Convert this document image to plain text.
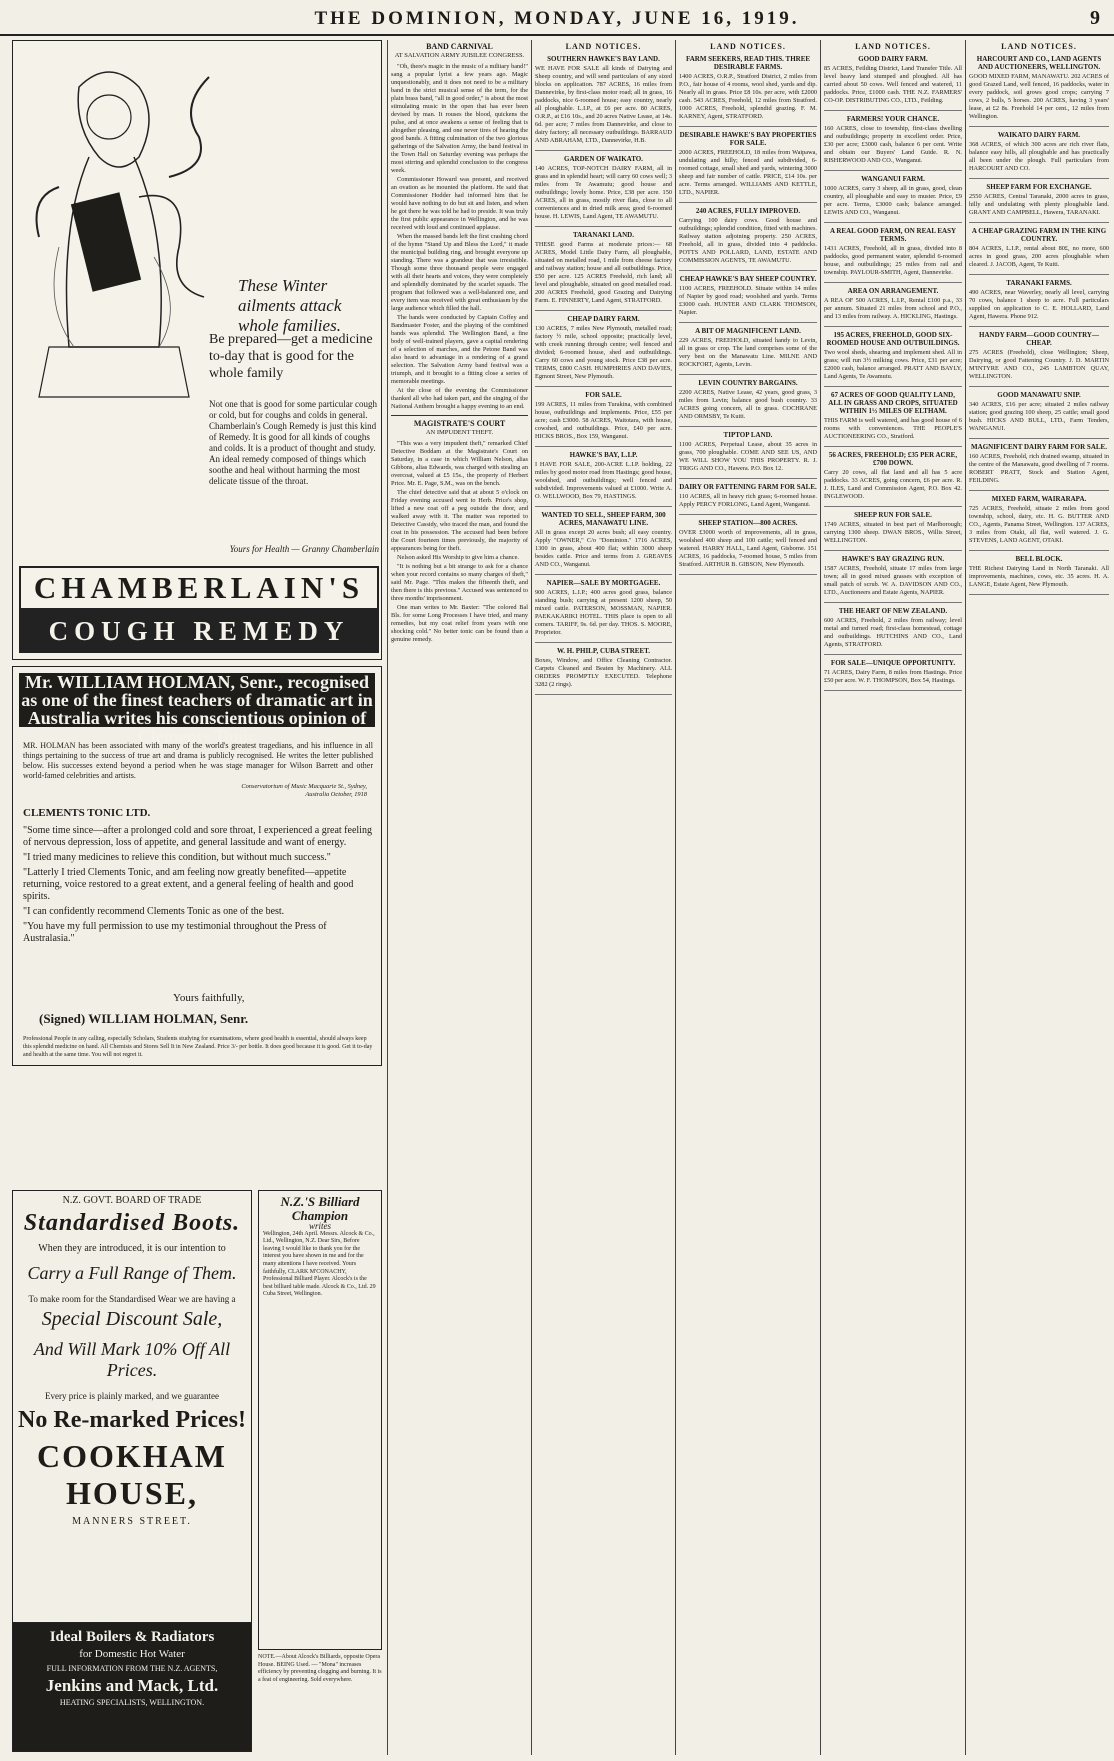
THE DOMINION, MONDAY, JUNE 16, 1919.	9
These Winter ailments attack whole families.
Be prepared—get a medicine to-day that is good for the whole family
Not one that is good for some particular cough or cold, but for coughs and colds in general. Chamberlain's Cough Remedy is just this kind of Remedy. It is good for all kinds of coughs and colds. It is a product of thought and study. An ideal remedy composed of things which soothe and heal without harming the most delicate tissue of the throat.
Yours for Health — Granny Chamberlain
CHAMBERLAIN'S
COUGH REMEDY
Mr. WILLIAM HOLMAN, Senr., recognised as one of the finest teachers of dramatic art in Australia writes his conscientious opinion of Clements Tonic
MR. HOLMAN has been associated with many of the world's greatest tragedians, and his influence in all things pertaining to the success of true art and drama is publicly recognised. He writes the letter published below. His successes extend beyond a period when he was stage manager for Wilson Barrett and other world-famed celebrities and artists.
Conservatorium of Music Macquarie St., Sydney, Australia October, 1918
CLEMENTS TONIC LTD.

"Some time since—after a prolonged cold and sore throat, I experienced a great feeling of nervous depression, loss of appetite, and general lassitude and want of energy.

"I tried many medicines to relieve this condition, but without much success."

"Latterly I tried Clements Tonic, and am feeling now greatly benefited—appetite returning, voice restored to a great extent, and a general feeling of health and good spirits.

"I can confidently recommend Clements Tonic as one of the best.

"You have my full permission to use my testimonial throughout the Press of Australasia."

Yours faithfully,
(Signed) WILLIAM HOLMAN, Senr.
Professional People in any calling, especially Scholars, Students studying for examinations, where good health is essential, should always keep this splendid medicine on hand. All Chemists and Stores Sell It in New Zealand. Price 3/- per bottle. It does good because it is good. Get it to-day and health at the same time. You will not regret it.
N.Z. GOVT. BOARD OF TRADE
Standardised Boots.
When they are introduced, it is our intention to
Carry a Full Range of Them.
To make room for the Standardised Wear we are having a
Special Discount Sale,
And Will Mark 10% Off All Prices.
Every price is plainly marked, and we guarantee
No Re-marked Prices!
COOKHAM HOUSE,
MANNERS STREET.
N.Z.'S Billiard Champion
writes
Wellington, 24th April. Messrs. Alcock & Co., Ltd., Wellington, N.Z. Dear Sirs, Before leaving I would like to thank you for the interest you have shown in me and for the many attentions I have received. Yours faithfully, CLARK M'CONACHY, Professional Billiard Player. Alcock's is the best billiard table made. Alcock & Co., Ltd. 29 Cuba Street, Wellington.
Ideal Boilers & Radiators
for Domestic Hot Water
FULL INFORMATION FROM THE N.Z. AGENTS,
Jenkins and Mack, Ltd.
HEATING SPECIALISTS, WELLINGTON.
NOTE.—About Alcock's Billiards, opposite Opera House. BEING Used. — "Mona" increases efficiency by preventing clogging and burning. It is a feat of engineering. Sold everywhere.
BAND CARNIVAL
AT SALVATION ARMY JUBILEE CONGRESS.

"Oh, there's magic in the music of a military band!" sang a popular lyrist a few years ago. Magic unquestionably, and it does not need to be a military band in the strict musical sense of the term, for the plain brass band, "all in good order," is about the most stimulating music in the open that has ever been devised by man. It rouses the blood, quickens the pulse, and at once awakens a sense of feeling that is altogether pleasing, and one never tires of hearing the good bands. A fitting culmination of the two glorious gatherings of the Salvation Army, the band festival in the Town Hall on Saturday evening was perhaps the most stirring and splendid conclusion to the congress week.

Commissioner Howard was present, and received an ovation as he mounted the platform. He said that Commissioner Hodder had informed him that he would have nothing to do but sit and listen, and when he got there he was told he had to preside. It was truly the first public appearance in Wellington, and he was received with loud and continued applause.

When the massed bands left the first crashing chord of the hymn "Stand Up and Bless the Lord," it made the municipal building ring, and brought everyone up standing. There was a grandeur that was irresistible. Though some three thousand people were engaged with all their hearts and voices, they were completely and splendidly dominated by the scarlet squads. The program that followed was a well-balanced one, and every item was received with great enthusiasm by the large audience which filled the hall.

The bands were conducted by Captain Coffey and Bandmaster Foster, and the playing of the combined bands was splendid. The Wellington Band, a fine body of well-trained players, gave a capital rendering of a selection of marches, and the Petone Band was also heard to advantage in a rendering of a grand selection. The Salvation Army band festival was a triumph, and it brought to a fitting close a series of memorable meetings.

At the close of the evening the Commissioner thanked all who had taken part, and the singing of the National Anthem brought a happy evening to an end.

MAGISTRATE'S COURT
AN IMPUDENT THEFT.

"This was a very impudent theft," remarked Chief Detective Boddam at the Magistrate's Court on Saturday, in a case in which William Nelson, alias Gibbons, alias Edwards, was charged with stealing an overcoat, valued at £5 15s., the property of Herbert Price. Mr. E. Page, S.M., was on the bench.

The chief detective said that at about 5 o'clock on Friday evening accused went to Herb. Price's shop, lifted a new coat off a peg outside the door, and walked away with it. The matter was reported to Detective Cassidy, who traced the man, and found the coat in his possession. The accused had been before the Court fourteen times previously, the majority of appearances being for theft.

Nelson asked His Worship to give him a chance.

"It is nothing but a bit strange to ask for a chance when your record contains so many charges of theft," said Mr. Page. "This makes the fifteenth theft, and then there is this previous." Accused was sentenced to three months' imprisonment.

One man writes to Mr. Baxter: "The colored Bal Bls. for some Long Processes I have tried, and many remedies, but my coat relief from years with one shocking cold." No better tonic can be found than a genuine remedy.

LAND NOTICES.
SOUTHERN HAWKE'S BAY LAND.

WE HAVE FOR SALE all kinds of Dairying and Sheep country, and will send particulars of any sized blocks on application. 787 ACRES, 16 miles from Dannevirke, by first-class motor road; all in grass, 16 paddocks, nice 6-roomed house; easy country, nearly all ploughable. L.I.P., at £6 per acre. 80 ACRES, O.R.P., at £16 10s., and 20 acres Native Lease, at 14s. 6d. per acre; 7 miles from Dannevirke, and close to dairy factory; all necessary outbuildings. BARRAUD AND ABRAHAM, LTD., Dannevirke, H.B.

GARDEN OF WAIKATO.

140 ACRES, TOP-NOTCH DAIRY FARM, all in grass and in splendid heart; will carry 60 cows well; 3 miles from Te Awamutu; good house and outbuildings; lovely home. Price, £38 per acre. 150 ACRES, all in grass, mostly river flats, close to all conveniences and in dried milk area; good 6-roomed house. H. LEWIS, Land Agent, TE AWAMUTU.

TARANAKI LAND.

THESE good Farms at moderate prices:— 68 ACRES, Model Little Dairy Farm, all ploughable, situated on metalled road, 1 mile from cheese factory and railway station; house and all outbuildings. Price, £50 per acre. 125 ACRES Freehold, rich land; all level and ploughable, situated on good metalled road. 200 ACRES Freehold, good Grazing and Dairying Farm. E. FINNERTY, Land Agent, STRATFORD.

CHEAP DAIRY FARM.

130 ACRES, 7 miles New Plymouth, metalled road; factory ½ mile, school opposite; practically level, with creek running through centre; well fenced and divided; 6-roomed house, shed and outbuildings. Carry 60 cows and young stock. Price £38 per acre. TERMS, £800 CASH. HUMPHRIES AND DAVIES, Egmont Street, New Plymouth.

FOR SALE.

199 ACRES, 11 miles from Turakina, with combined house, outbuildings and implements. Price, £55 per acre; cash £3000. 58 ACRES, Waitotara, with house, cowshed, and outbuildings. Price, £40 per acre. HICKS BROS., Box 159, Wanganui.

HAWKE'S BAY, L.I.P.

I HAVE FOR SALE, 200-ACRE L.I.P. holding, 22 miles by good motor road from Hastings; good house, woolshed, and outbuildings; well fenced and subdivided. Improvements valued at £1000. Write A. O. WELLWOOD, Box 79, HASTINGS.

WANTED TO SELL, SHEEP FARM, 300 ACRES, MANAWATU LINE.

All in grass except 20 acres bush; all easy country. Apply "OWNER," C/o "Dominion." 1716 ACRES, 1300 in grass, about 400 flat; within 3000 sheep besides cattle. Price and terms from J. GREAVES AND CO., Wanganui.

NAPIER—SALE BY MORTGAGEE.

900 ACRES, L.I.P.; 400 acres good grass, balance standing bush; carrying at present 1200 sheep, 50 mixed cattle. PATERSON, MOSSMAN, NAPIER. PAEKAKARIKI HOTEL. THIS place is open to all comers. TARIFF, 9s. 6d. per day. THOS. S. MOORE, Proprietor.

W. H. PHILP, CUBA STREET.

Boxes, Window, and Office Cleaning Contractor. Carpets Cleaned and Beaten by Machinery. ALL ORDERS PROMPTLY EXECUTED. Telephone 3282 (2 rings).

LAND NOTICES.
FARM SEEKERS, READ THIS. THREE DESIRABLE FARMS.

1400 ACRES, O.R.P., Stratford District, 2 miles from P.O., fair house of 4 rooms, wool shed, yards and dip. Nearly all in grass. Price £8 10s. per acre, with £2000 cash. 543 ACRES, Freehold, 12 miles from Stratford. 1000 ACRES, Freehold, splendid grazing. F. M. KARNEY, Agent, STRATFORD.

DESIRABLE HAWKE'S BAY PROPERTIES FOR SALE.

2000 ACRES, FREEHOLD, 18 miles from Waipawa, undulating and hilly; fenced and subdivided, 6-roomed cottage, small shed and yards, wintering 3000 sheep and fair number of cattle. PRICE, £14 10s. per acre. Terms arranged. WILLIAMS AND KETTLE, LTD., NAPIER.

240 ACRES, FULLY IMPROVED.

Carrying 100 dairy cows. Good house and outbuildings; splendid condition, fitted with machines. Railway station adjoining property. 250 ACRES, Freehold, all in grass, divided into 4 paddocks. POTTS AND POLLARD, LAND, ESTATE AND COMMISSION AGENTS, TE AWAMUTU.

CHEAP HAWKE'S BAY SHEEP COUNTRY.

1100 ACRES, FREEHOLD. Situate within 14 miles of Napier by good road; woolshed and yards. Terms £3000 cash. HUNTER AND CLARK THOMSON, Napier.

A BIT OF MAGNIFICENT LAND.

229 ACRES, FREEHOLD, situated handy to Levin, all in grass or crop. The land comprises some of the very best on the Manawatu Line. MILNE AND ROCKFORT, Agents, Levin.

LEVIN COUNTRY BARGAINS.

2200 ACRES, Native Lease, 42 years, good grass, 3 miles from Levin; balance good bush country. 33 ACRES going concern, all in grass. COCHRANE AND ORMSBY, Te Kuiti.

TIPTOP LAND.

1100 ACRES, Perpetual Lease, about 35 acres in grass, 700 ploughable. COME AND SEE US, AND WE WILL SHOW YOU THIS PROPERTY. R. J. TRIGG AND CO., Hawera. P.O. Box 12.

DAIRY OR FATTENING FARM FOR SALE.

110 ACRES, all in heavy rich grass; 6-roomed house. Apply PERCY FORLONG, Land Agent, Wanganui.

SHEEP STATION—800 ACRES.

OVER £3000 worth of improvements, all in grass, woolshed 400 sheep and 100 cattle; well fenced and watered. HARRY HALL, Land Agent, Gisborne. 151 ACRES, 16 paddocks, 7-roomed house, 5 miles from Stratford. ARTHUR B. GIBSON, New Plymouth.

LAND NOTICES.
GOOD DAIRY FARM.

85 ACRES, Feilding District, Land Transfer Title. All level heavy land stumped and ploughed. All has carried about 50 cows. Well fenced and watered, 11 paddocks. Price, £1000 cash. THE N.Z. FARMERS' CO-OP. DISTRIBUTING CO., LTD., Feilding.

FARMERS! YOUR CHANCE.

160 ACRES, close to township, first-class dwelling and outbuildings; property in excellent order. Price, £30 per acre; £3000 cash, balance 6 per cent. Write and obtain our Buyers' Land Guide. R. N. RISHERWOOD AND CO., Wanganui.

WANGANUI FARM.

1000 ACRES, carry 3 sheep, all in grass, good, clean country, all ploughable and easy to muster. Price, £9 per acre. Terms, £3000 cash; balance arranged. LEWIS AND CO., Wanganui.

A REAL GOOD FARM, ON REAL EASY TERMS.

1431 ACRES, Freehold, all in grass, divided into 8 paddocks, good permanent water, splendid 6-roomed house, and outbuildings; 25 miles from rail and township. PAYLOUR-SMITH, Agent, Dannevirke.

AREA ON ARRANGEMENT.

A REA OF 500 ACRES, L.I.P., Rental £100 p.a., 33 per annum. Situated 21 miles from school and P.O., and 13 miles from railway. A. HICKLING, Hastings.

195 ACRES, FREEHOLD, GOOD SIX-ROOMED HOUSE AND OUTBUILDINGS.

Two wool sheds, shearing and implement shed. All in grass; will run 3½ milking cows. Price, £31 per acre; £2000 cash, balance arranged. PRATT AND BAYLY, Land Agents, Te Awamutu.

67 ACRES OF GOOD QUALITY LAND, ALL IN GRASS AND CROPS, SITUATED WITHIN 1½ MILES OF ELTHAM.

THIS FARM is well watered, and has good house of 6 rooms with conveniences. THE PEOPLE'S AUCTIONEERING CO., Stratford.

56 ACRES, FREEHOLD; £35 PER ACRE, £700 DOWN.

Carry 20 cows, all flat land and all has 5 acre paddocks. 33 ACRES, going concern, £6 per acre. R. J. ILES, Land and Commission Agent, P.O. Box 42. INGLEWOOD.

SHEEP RUN FOR SALE.

1749 ACRES, situated in best part of Marlborough; carrying 1300 sheep. DWAN BROS., Willis Street, WELLINGTON.

HAWKE'S BAY GRAZING RUN.

1587 ACRES, Freehold, situate 17 miles from large town; all in good mixed grasses with exception of small patch of scrub. W. A. DAVIDSON AND CO., LTD., Auctioneers and Estate Agents, NAPIER.

THE HEART OF NEW ZEALAND.

600 ACRES, Freehold, 2 miles from railway; level metal and turned road; first-class homestead, cottage and outbuildings. HUTCHINS AND CO., Land Agents, STRATFORD.

FOR SALE—UNIQUE OPPORTUNITY.

71 ACRES, Dairy Farm, 8 miles from Hastings. Price £50 per acre. W. F. THOMPSON, Box 54, Hastings.

LAND NOTICES.
HARCOURT AND CO., LAND AGENTS AND AUCTIONEERS, WELLINGTON.

GOOD MIXED FARM, MANAWATU. 202 ACRES of good Grazed Land, well fenced, 16 paddocks, water in every paddock, soil grows good crops; carrying 7 cows, 2 bulls, 5 horses. 200 ACRES, having 3 years' lease, at £2 8s. Freehold 14 per cent., 12 miles from Wellington.

WAIKATO DAIRY FARM.

368 ACRES, of which 300 acres are rich river flats, balance easy hills, all ploughable and has practically all been under the plough. Full particulars from HARCOURT AND CO.

SHEEP FARM FOR EXCHANGE.

2550 ACRES, Central Taranaki, 2000 acres in grass, hilly and undulating with plenty ploughable land. GRANT AND CAMPBELL, Hawera, TARANAKI.

A CHEAP GRAZING FARM IN THE KING COUNTRY.

804 ACRES, L.I.P., rental about 80£, no more, 600 acres in good grass, 200 acres ploughable when cleared. J. JACOB, Agent, Te Kuiti.

TARANAKI FARMS.

490 ACRES, near Waverley, nearly all level, carrying 70 cows, balance 1 sheep to acre. Full particulars supplied on application to C. E. HOLLARD, Land Agent, Hawera. Phone 912.

HANDY FARM—GOOD COUNTRY—CHEAP.

275 ACRES (Freehold), close Wellington; Sheep, Dairying, or good Fattening Country. J. D. MARTIN M'INTYRE AND CO., 245 LAMBTON QUAY, WELLINGTON.

GOOD MANAWATU SNIP.

340 ACRES, £16 per acre; situated 2 miles railway station; good grazing 100 sheep, 25 cattle; small good bush. HICKS AND BULL, LTD., Farm Tenders, WANGANUI.

MAGNIFICENT DAIRY FARM FOR SALE.

160 ACRES, Freehold, rich drained swamp, situated in the centre of the Manawatu, good dwelling of 7 rooms. ROBERT PRATT, Stock and Station Agent, FEILDING.

MIXED FARM, WAIRARAPA.

725 ACRES, Freehold, situate 2 miles from good township, school, dairy, etc. H. G. BUTTER AND CO., Agents, Panama Street, Wellington. 137 ACRES, 3 miles from Otaki, all flat, well watered. J. G. STEVENS, LAND AGENT, OTAKI.

BELL BLOCK.

THE Richest Dairying Land in North Taranaki. All improvements, machines, cows, etc. 35 acres. H. A. LANGE, Estate Agent, New Plymouth.
